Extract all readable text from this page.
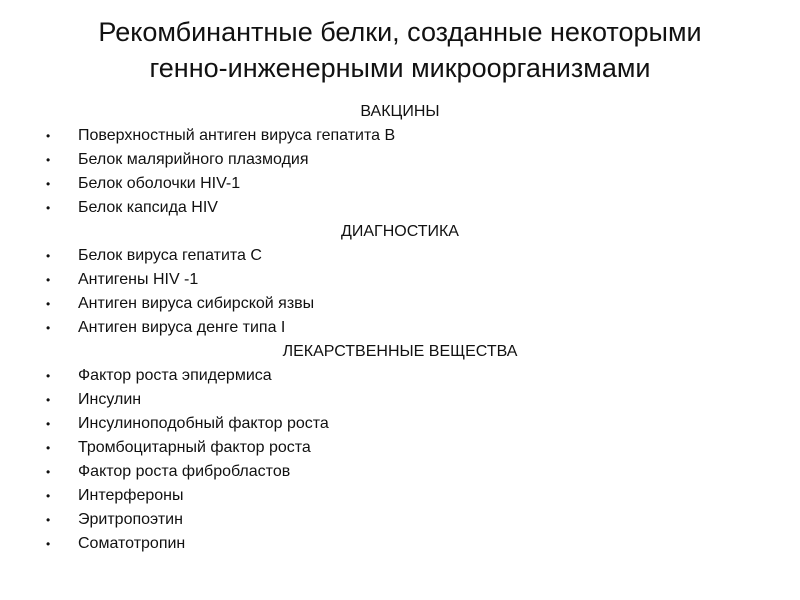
Рекомбинантные белки, созданные некоторыми
генно-инженерными микроорганизмами
ВАКЦИНЫ
• Поверхностный антиген вируса гепатита В
• Белок малярийного плазмодия
• Белок оболочки HIV-1
• Белок капсида HIV
ДИАГНОСТИКА
• Белок вируса гепатита С
• Антигены HIV -1
• Антиген вируса сибирской язвы
• Антиген вируса денге типа I
ЛЕКАРСТВЕННЫЕ ВЕЩЕСТВА
• Фактор роста эпидермиса
• Инсулин
• Инсулиноподобный фактор роста
• Тромбоцитарный фактор роста
• Фактор роста фибробластов
• Интерфероны
• Эритропоэтин
• Соматотропин
